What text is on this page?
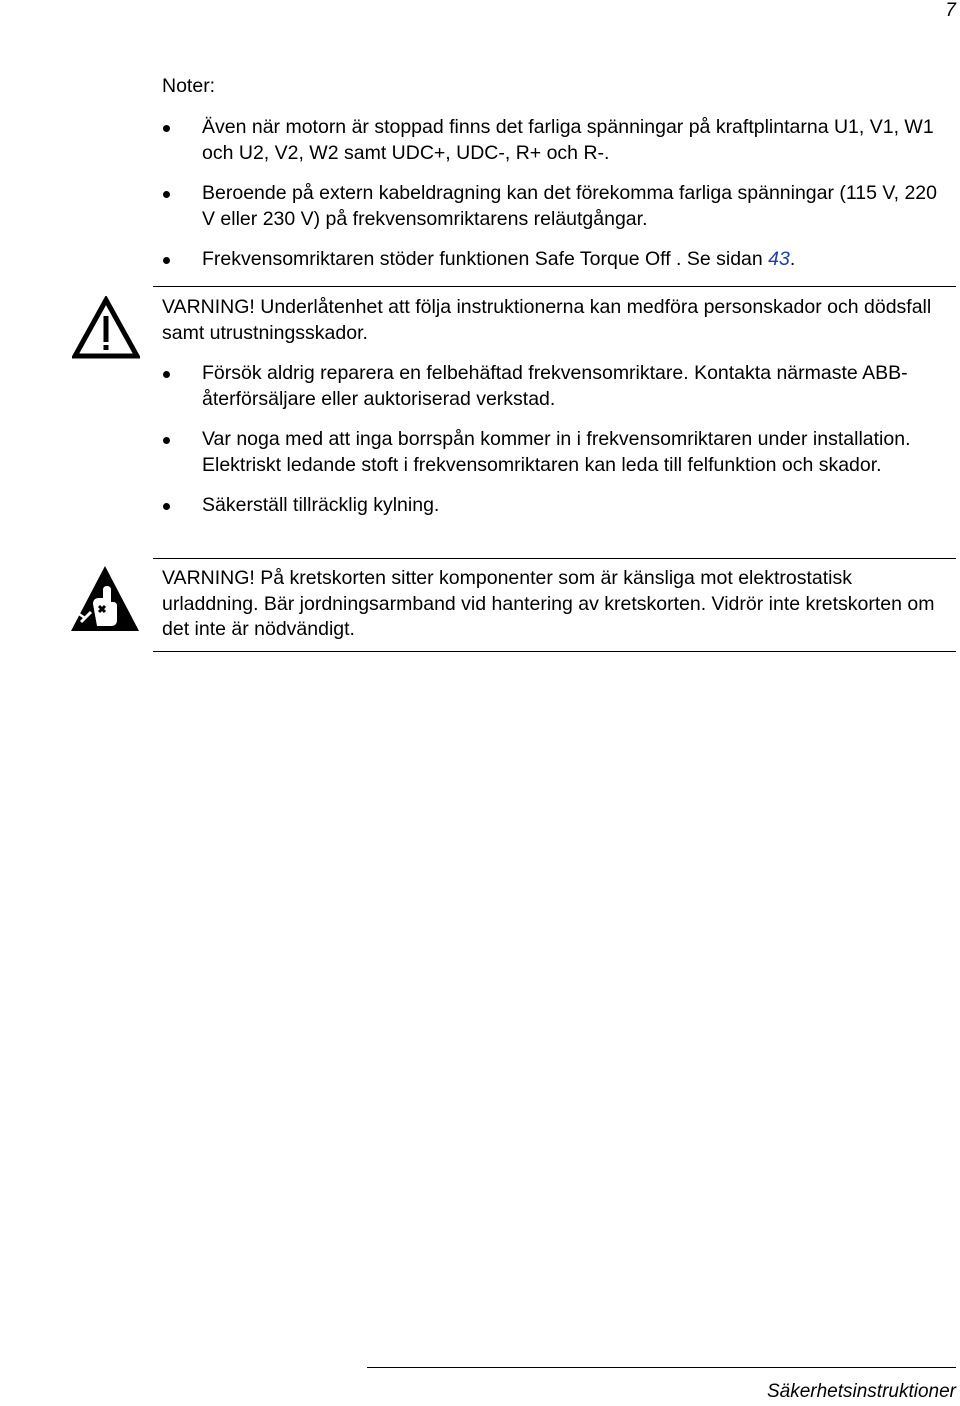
7
Noter:
Även när motorn är stoppad finns det farliga spänningar på kraftplintarna U1, V1, W1 och U2, V2, W2 samt UDC+, UDC-, R+ och R-.
Beroende på extern kabeldragning kan det förekomma farliga spänningar (115 V, 220 V eller 230 V) på frekvensomriktarens reläutgångar.
Frekvensomriktaren stöder funktionen Safe Torque Off . Se sidan 43.
VARNING! Underlåtenhet att följa instruktionerna kan medföra personskador och dödsfall samt utrustningsskador.
Försök aldrig reparera en felbehäftad frekvensomriktare. Kontakta närmaste ABB-återförsäljare eller auktoriserad verkstad.
Var noga med att inga borrspån kommer in i frekvensomriktaren under installation. Elektriskt ledande stoft i frekvensomriktaren kan leda till felfunktion och skador.
Säkerställ tillräcklig kylning.
VARNING! På kretskorten sitter komponenter som är känsliga mot elektrostatisk urladdning. Bär jordningsarmband vid hantering av kretskorten. Vidrör inte kretskorten om det inte är nödvändigt.
Säkerhetsinstruktioner
